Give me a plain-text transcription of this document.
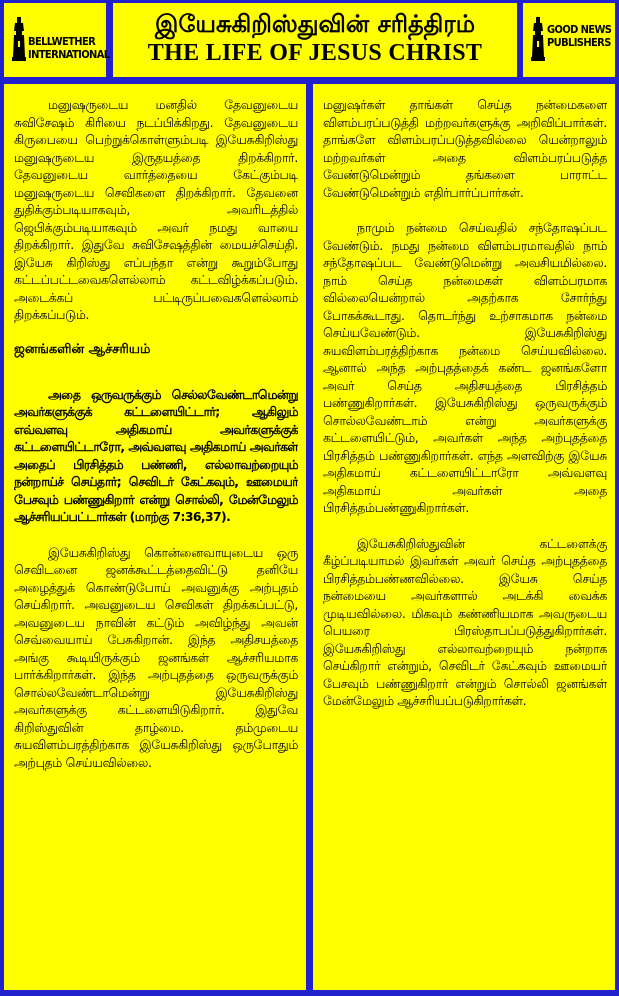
BELLWETHER
INTERNATIONAL
இயேசுகிறிஸ்துவின் சரித்திரம்
THE LIFE OF JESUS CHRIST
GOOD NEWS
PUBLISHERS

மனுஷருடைய மனதில் தேவனுடைய சுவிசேஷம் கிரியை நடப்பிக்கிறது. தேவனுடைய கிருபையை பெற்றுக்கொள்ளும்படி இயேசுகிறிஸ்து மனுஷருடைய இருதயத்தை திறக்கிறார். தேவனுடைய வார்த்தையை கேட்கும்படி மனுஷருடைய செவிகளை திறக்கிறார். தேவனை துதிக்கும்படியாகவும், அவரிடத்தில் ஜெபிக்கும்படியாகவும் அவர் நமது வாயை திறக்கிறார். இதுவே சுவிசேஷத்தின் மையச்செய்தி. இயேசு கிறிஸ்து எப்பந்தா என்று கூறும்போது கட்டப்பட்டவைகளெல்லாம் கட்டவிழ்க்கப்படும். அடைக்கப் பட்டிருப்பவைகளெல்லாம் திறக்கப்படும்.

ஜனங்களின் ஆச்சரியம்

அதை ஒருவருக்கும் செல்லவேண்டாமென்று அவர்களுக்குக் கட்டளையிட்டார்; ஆகிலும் எவ்வளவு அதிகமாய் அவர்களுக்குக் கட்டளையிட்டாரோ, அவ்வளவு அதிகமாய் அவர்கள் அதைப் பிரசித்தம் பண்ணி, எல்லாவற்றையும் நன்றாய்ச் செய்தார்; செவிடர் கேட்கவும், ஊமையர் பேசவும் பண்ணுகிறார் என்று சொல்லி, மேன்மேலும் ஆச்சரியப்பட்டார்கள் (மாற்கு 7:36,37).

இயேசுகிறிஸ்து கொன்னைவாயுடைய ஒரு செவிடனை ஜனக்கூட்டத்தைவிட்டு தனியே அழைத்துக் கொண்டுபோய் அவனுக்கு அற்புதம் செய்கிறார். அவனுடைய செவிகள் திறக்கப்பட்டு, அவனுடைய நாவின் கட்டும் அவிழ்ந்து அவன் செவ்வையாய் பேசுகிறான். இந்த அதிசயத்தை அங்கு கூடியிருக்கும் ஜனங்கள் ஆச்சரியமாக பார்க்கிறார்கள். இந்த அற்புதத்தை ஒருவருக்கும் சொல்லவேண்டாமென்று இயேசுகிறிஸ்து அவர்களுக்கு கட்டளையிடுகிறார். இதுவே கிறிஸ்துவின் தாழ்மை. தம்முடைய சுயவிளம்பரத்திற்காக இயேசுகிறிஸ்து ஒருபோதும் அற்புதம் செய்யவில்லை.

மனுஷர்கள் தாங்கள் செய்த நன்மைகளை விளம்பரப்படுத்தி மற்றவர்களுக்கு அறிவிப்பார்கள். தாங்களே விளம்பரப்படுத்தவில்லை யென்றாலும் மற்றவர்கள் அதை விளம்பரப்படுத்த வேண்டுமென்றும் தங்களை பாராட்ட வேண்டுமென்றும் எதிர்பார்ப்பார்கள்.

நாமும் நன்மை செய்வதில் சந்தோஷப்பட வேண்டும். நமது நன்மை விளம்பரமாவதில் நாம் சந்தோஷப்பட வேண்டுமென்று அவசியமில்லை. நாம் செய்த நன்மைகள் விளம்பரமாக வில்லையென்றால் அதற்காக சோர்ந்து போகக்கூடாது. தொடர்ந்து உற்சாகமாக நன்மை செய்யவேண்டும். இயேசுகிறிஸ்து சுயவிளம்பரத்திற்காக நன்மை செய்யவில்லை. ஆனால் அந்த அற்புதத்தைக் கண்ட ஜனங்களோ அவர் செய்த அதிசயத்தை பிரசித்தம் பண்ணுகிறார்கள். இயேசுகிறிஸ்து ஒருவருக்கும் சொல்லவேண்டாம் என்று அவர்களுக்கு கட்டளையிட்டும், அவர்கள் அந்த அற்புதத்தை பிரசித்தம் பண்ணுகிறார்கள். எந்த அளவிற்கு இயேசு அதிகமாய் கட்டளையிட்டாரோ அவ்வளவு அதிகமாய் அவர்கள் அதை பிரசித்தம்பண்ணுகிறார்கள்.

இயேசுகிறிஸ்துவின் கட்டளைக்கு கீழ்ப்படியாமல் இவர்கள் அவர் செய்த அற்புதத்தை பிரசித்தம்பண்ணவில்லை. இயேசு செய்த நன்மையை அவர்களால் அடக்கி வைக்க முடியவில்லை. மிகவும் கண்ணியமாக அவருடைய பெயரை பிரஸ்தாபப்படுத்துகிறார்கள். இயேசுகிறிஸ்து எல்லாவற்றையும் நன்றாக செய்கிறார் என்றும், செவிடர் கேட்கவும் ஊமையர் பேசவும் பண்ணுகிறார் என்றும் சொல்லி ஜனங்கள் மேன்மேலும் ஆச்சரியப்படுகிறார்கள்.
